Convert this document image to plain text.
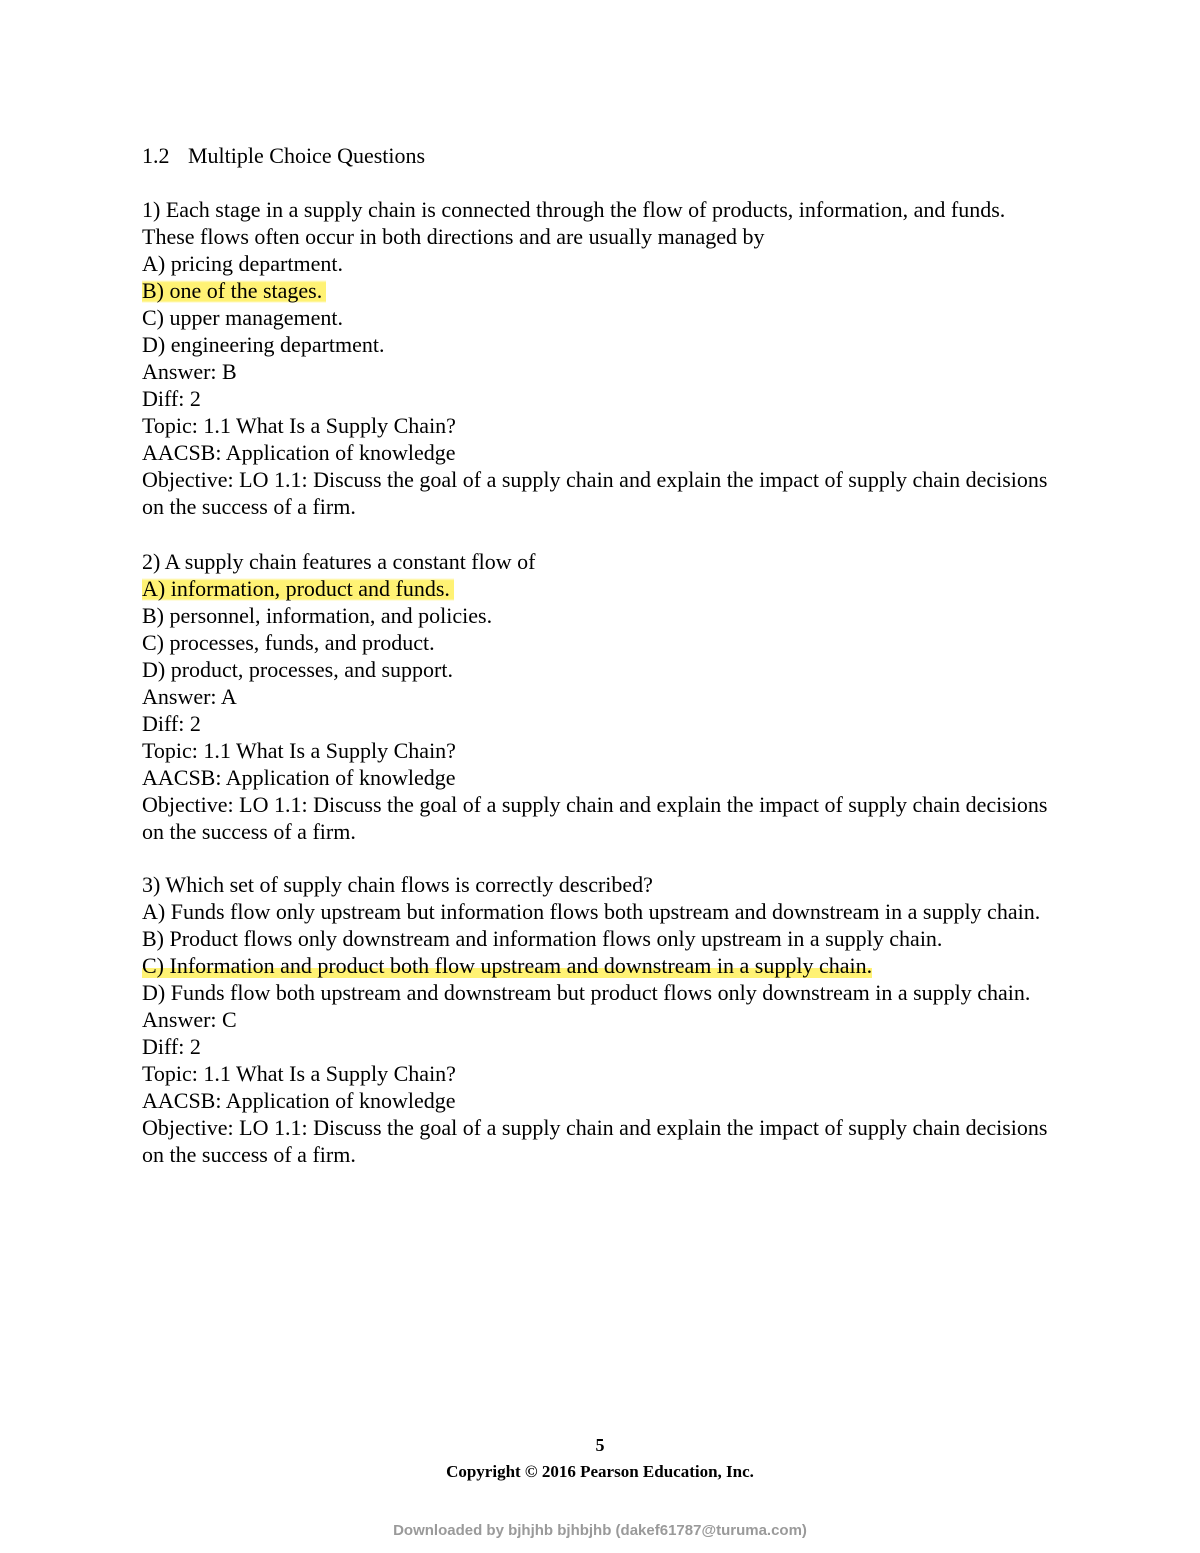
1.2 Multiple Choice Questions
1) Each stage in a supply chain is connected through the flow of products, information, and funds. These flows often occur in both directions and are usually managed by
A) pricing department.
B) one of the stages.
C) upper management.
D) engineering department.
Answer: B
Diff: 2
Topic: 1.1 What Is a Supply Chain?
AACSB: Application of knowledge
Objective: LO 1.1: Discuss the goal of a supply chain and explain the impact of supply chain decisions on the success of a firm.
2) A supply chain features a constant flow of
A) information, product and funds.
B) personnel, information, and policies.
C) processes, funds, and product.
D) product, processes, and support.
Answer: A
Diff: 2
Topic: 1.1 What Is a Supply Chain?
AACSB: Application of knowledge
Objective: LO 1.1: Discuss the goal of a supply chain and explain the impact of supply chain decisions on the success of a firm.
3) Which set of supply chain flows is correctly described?
A) Funds flow only upstream but information flows both upstream and downstream in a supply chain.
B) Product flows only downstream and information flows only upstream in a supply chain.
C) Information and product both flow upstream and downstream in a supply chain.
D) Funds flow both upstream and downstream but product flows only downstream in a supply chain.
Answer: C
Diff: 2
Topic: 1.1 What Is a Supply Chain?
AACSB: Application of knowledge
Objective: LO 1.1: Discuss the goal of a supply chain and explain the impact of supply chain decisions on the success of a firm.
5
Copyright © 2016 Pearson Education, Inc.
Downloaded by bjhjhb bjhbjhb (dakef61787@turuma.com)
